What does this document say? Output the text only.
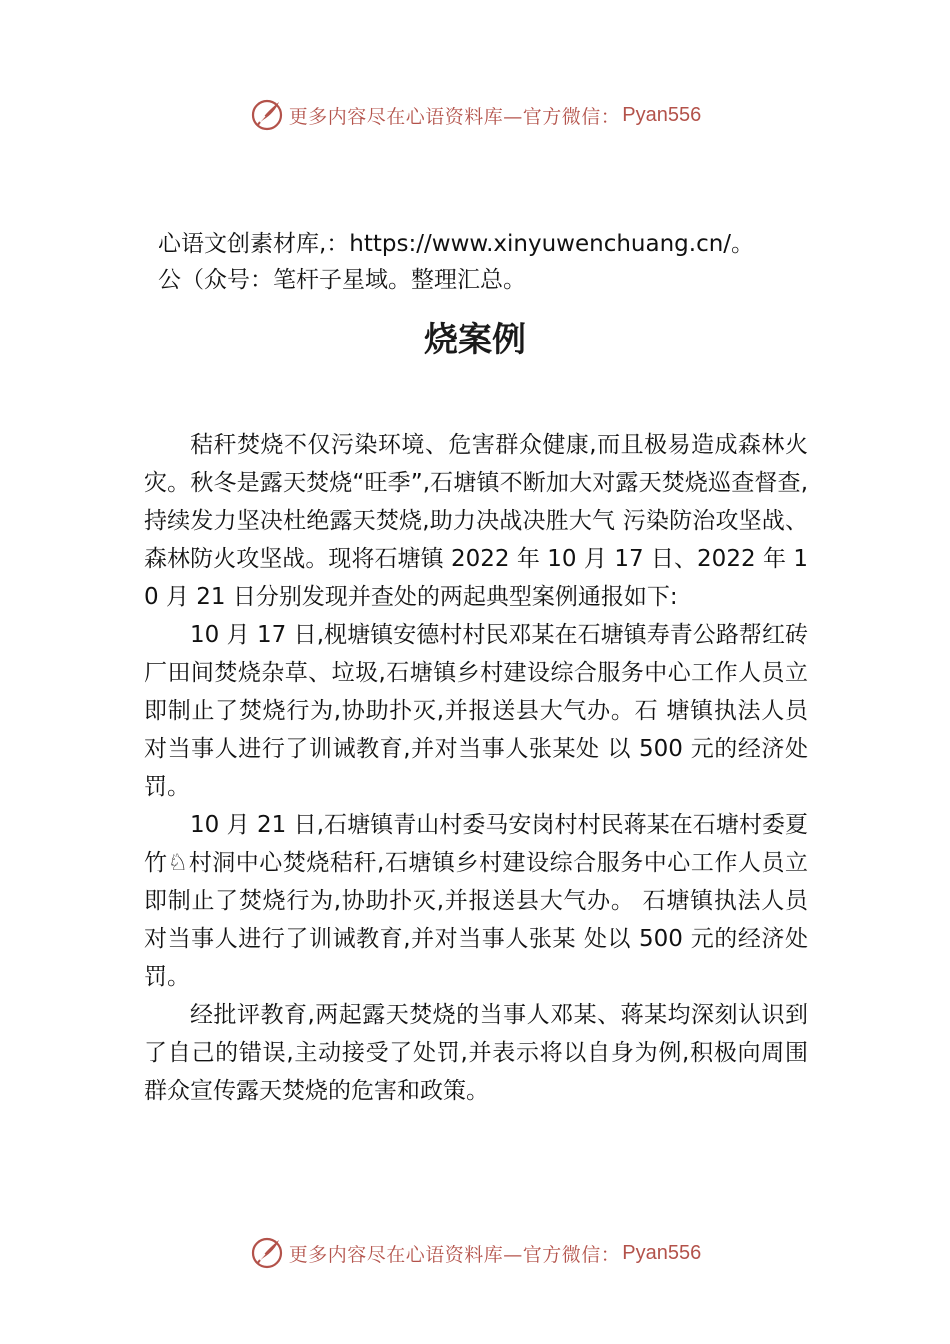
更多内容尽在心语资料库—官方微信： Pyan556
心语文创素材库,：https://www.xinyuwenchuang.cn/。
公（众号：笔杆子星域。整理汇总。
烧案例

秸秆焚烧不仅污染环境、危害群众健康,而且极易造成森林火灾。秋冬是露天焚烧“旺季”,石塘镇不断加大对露天焚烧巡查督查,持续发力坚决杜绝露天焚烧,助力决战决胜大气 污染防治攻坚战、森林防火攻坚战。现将石塘镇 2022 年 10 月 17 日、2022 年 10 月 21 日分别发现并查处的两起典型案例通报如下:

10 月 17 日,枧塘镇安德村村民邓某在石塘镇寿青公路帮红砖厂田间焚烧杂草、垃圾,石塘镇乡村建设综合服务中心工作人员立即制止了焚烧行为,协助扑灭,并报送县大气办。石 塘镇执法人员对当事人进行了训诫教育,并对当事人张某处 以 500 元的经济处罚。

10 月 21 日,石塘镇青山村委马安岗村村民蒋某在石塘村委夏竹♘村洞中心焚烧秸秆,石塘镇乡村建设综合服务中心工作人员立即制止了焚烧行为,协助扑灭,并报送县大气办。 石塘镇执法人员对当事人进行了训诫教育,并对当事人张某 处以 500 元的经济处罚。

经批评教育,两起露天焚烧的当事人邓某、蒋某均深刻认识到了自己的错误,主动接受了处罚,并表示将以自身为例,积极向周围群众宣传露天焚烧的危害和政策。

更多内容尽在心语资料库—官方微信： Pyan556
